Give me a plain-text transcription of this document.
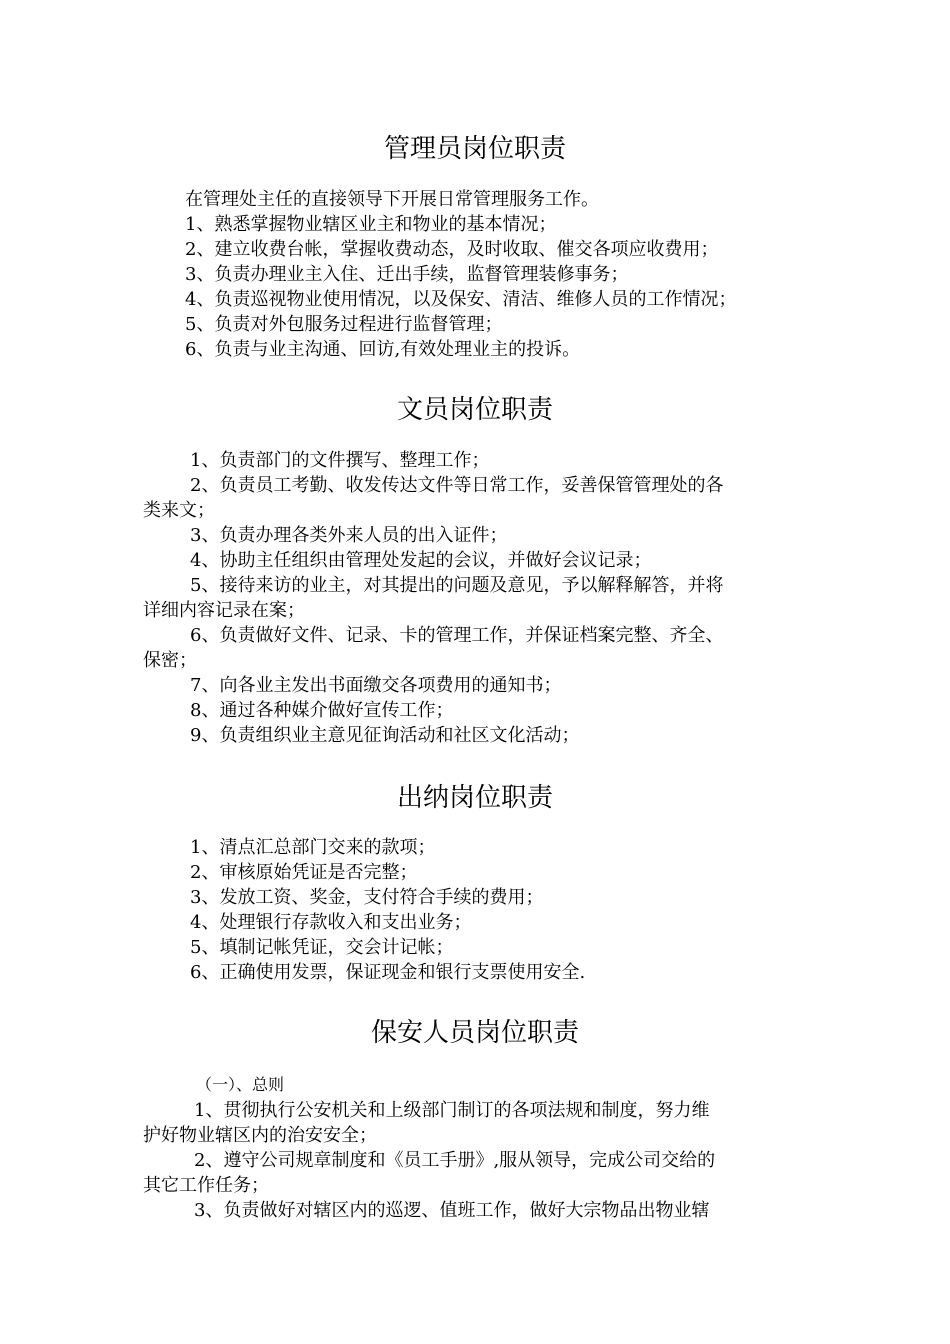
管理员岗位职责

在管理处主任的直接领导下开展日常管理服务工作。

1、熟悉掌握物业辖区业主和物业的基本情况；

2、建立收费台帐，掌握收费动态，及时收取、催交各项应收费用；

3、负责办理业主入住、迁出手续，监督管理装修事务；

4、负责巡视物业使用情况，以及保安、清洁、维修人员的工作情况；

5、负责对外包服务过程进行监督管理；

6、负责与业主沟通、回访,有效处理业主的投诉。

文员岗位职责

1、负责部门的文件撰写、整理工作；

2、负责员工考勤、收发传达文件等日常工作，妥善保管管理处的各

类来文；

3、负责办理各类外来人员的出入证件；

4、协助主任组织由管理处发起的会议，并做好会议记录；

5、接待来访的业主，对其提出的问题及意见，予以解释解答，并将

详细内容记录在案；

6、负责做好文件、记录、卡的管理工作，并保证档案完整、齐全、

保密；

7、向各业主发出书面缴交各项费用的通知书；

8、通过各种媒介做好宣传工作；

9、负责组织业主意见征询活动和社区文化活动；

出纳岗位职责

1、清点汇总部门交来的款项；

2、审核原始凭证是否完整；

3、发放工资、奖金，支付符合手续的费用；

4、处理银行存款收入和支出业务；

5、填制记帐凭证，交会计记帐；

6、正确使用发票，保证现金和银行支票使用安全.

保安人员岗位职责

（一）、总则

1、贯彻执行公安机关和上级部门制订的各项法规和制度，努力维

护好物业辖区内的治安安全；

2、遵守公司规章制度和《员工手册》,服从领导，完成公司交给的

其它工作任务；

3、负责做好对辖区内的巡逻、值班工作，做好大宗物品出物业辖
